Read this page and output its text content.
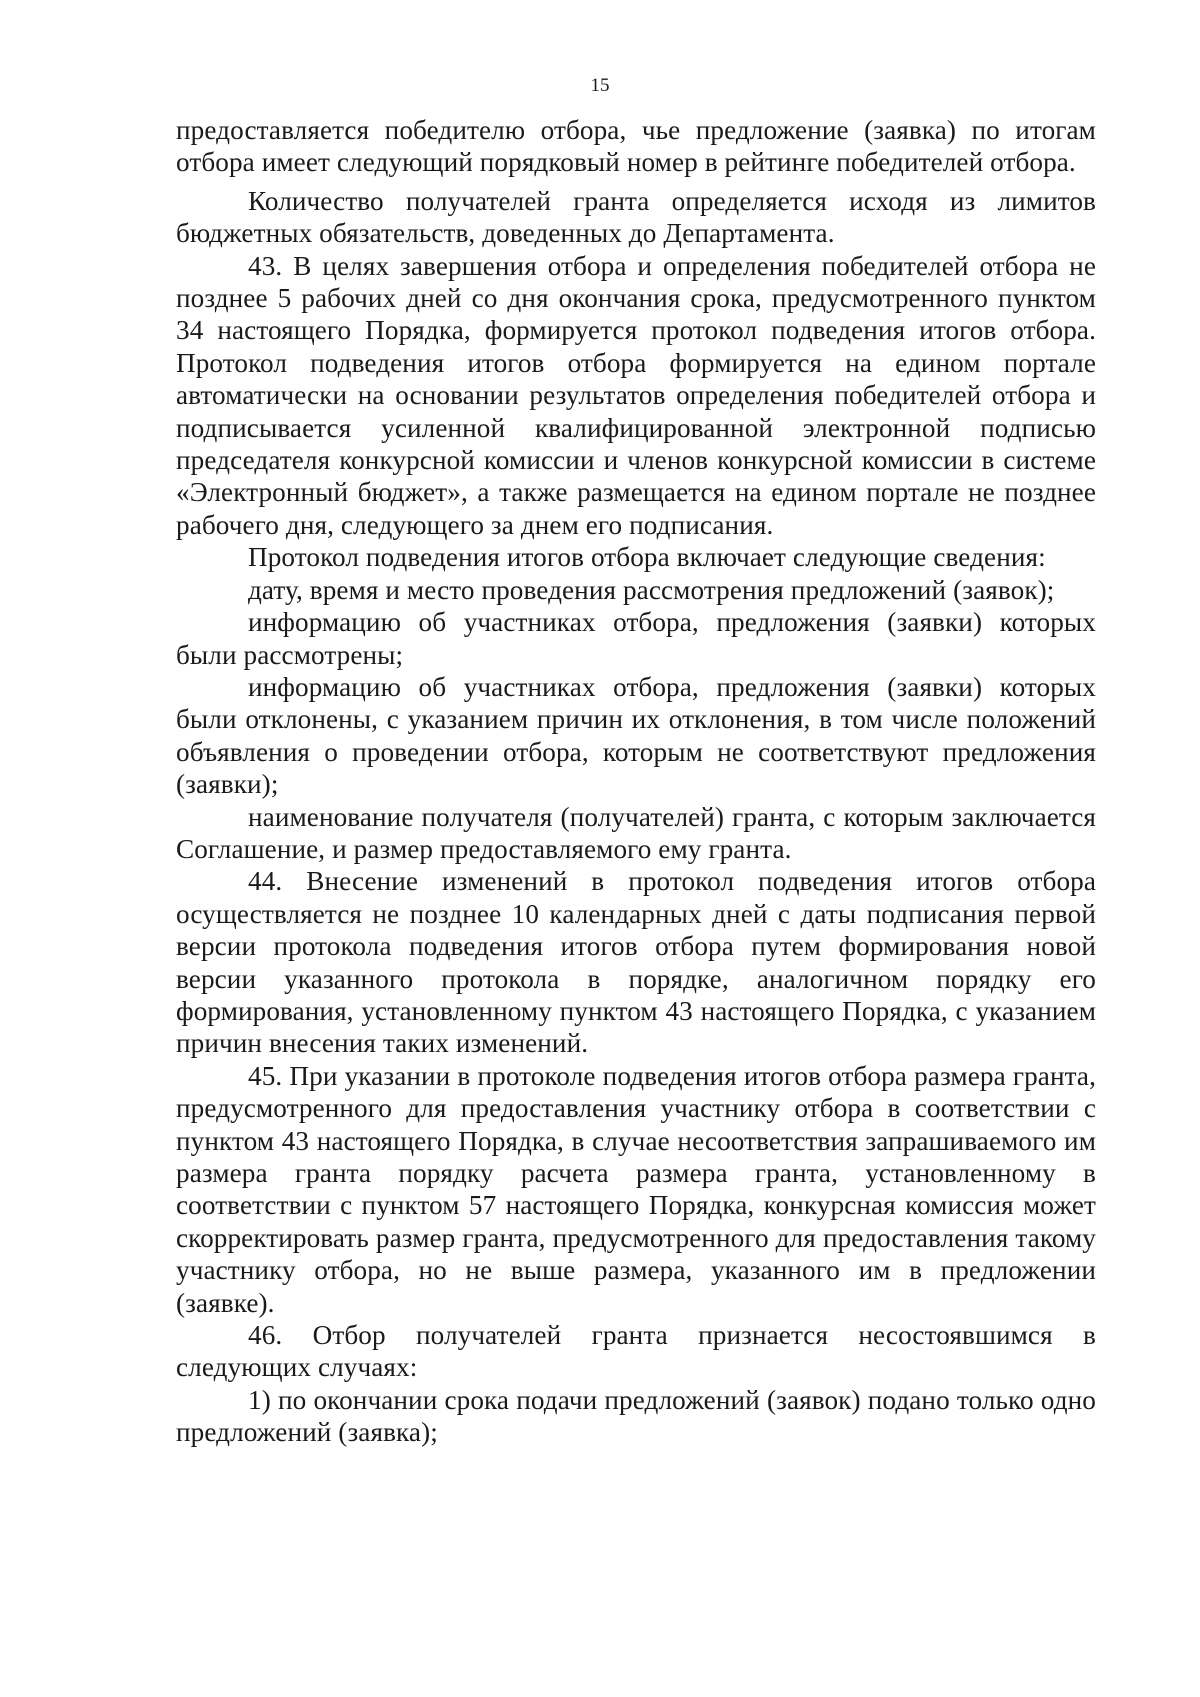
15

предоставляется победителю отбора, чье предложение (заявка) по итогам отбора имеет следующий порядковый номер в рейтинге победителей отбора.

Количество получателей гранта определяется исходя из лимитов бюджетных обязательств, доведенных до Департамента.

43. В целях завершения отбора и определения победителей отбора не позднее 5 рабочих дней со дня окончания срока, предусмотренного пунктом 34 настоящего Порядка, формируется протокол подведения итогов отбора. Протокол подведения итогов отбора формируется на едином портале автоматически на основании результатов определения победителей отбора и подписывается усиленной квалифицированной электронной подписью председателя конкурсной комиссии и членов конкурсной комиссии в системе «Электронный бюджет», а также размещается на едином портале не позднее рабочего дня, следующего за днем его подписания.

Протокол подведения итогов отбора включает следующие сведения:

дату, время и место проведения рассмотрения предложений (заявок);

информацию об участниках отбора, предложения (заявки) которых были рассмотрены;

информацию об участниках отбора, предложения (заявки) которых были отклонены, с указанием причин их отклонения, в том числе положений объявления о проведении отбора, которым не соответствуют предложения (заявки);

наименование получателя (получателей) гранта, с которым заключается Соглашение, и размер предоставляемого ему гранта.

44. Внесение изменений в протокол подведения итогов отбора осуществляется не позднее 10 календарных дней с даты подписания первой версии протокола подведения итогов отбора путем формирования новой версии указанного протокола в порядке, аналогичном порядку его формирования, установленному пунктом 43 настоящего Порядка, с указанием причин внесения таких изменений.

45. При указании в протоколе подведения итогов отбора размера гранта, предусмотренного для предоставления участнику отбора в соответствии с пунктом 43 настоящего Порядка, в случае несоответствия запрашиваемого им размера гранта порядку расчета размера гранта, установленному в соответствии с пунктом 57 настоящего Порядка, конкурсная комиссия может скорректировать размер гранта, предусмотренного для предоставления такому участнику отбора, но не выше размера, указанного им в предложении (заявке).

46. Отбор получателей гранта признается несостоявшимся в следующих случаях:

1) по окончании срока подачи предложений (заявок) подано только одно предложений (заявка);
